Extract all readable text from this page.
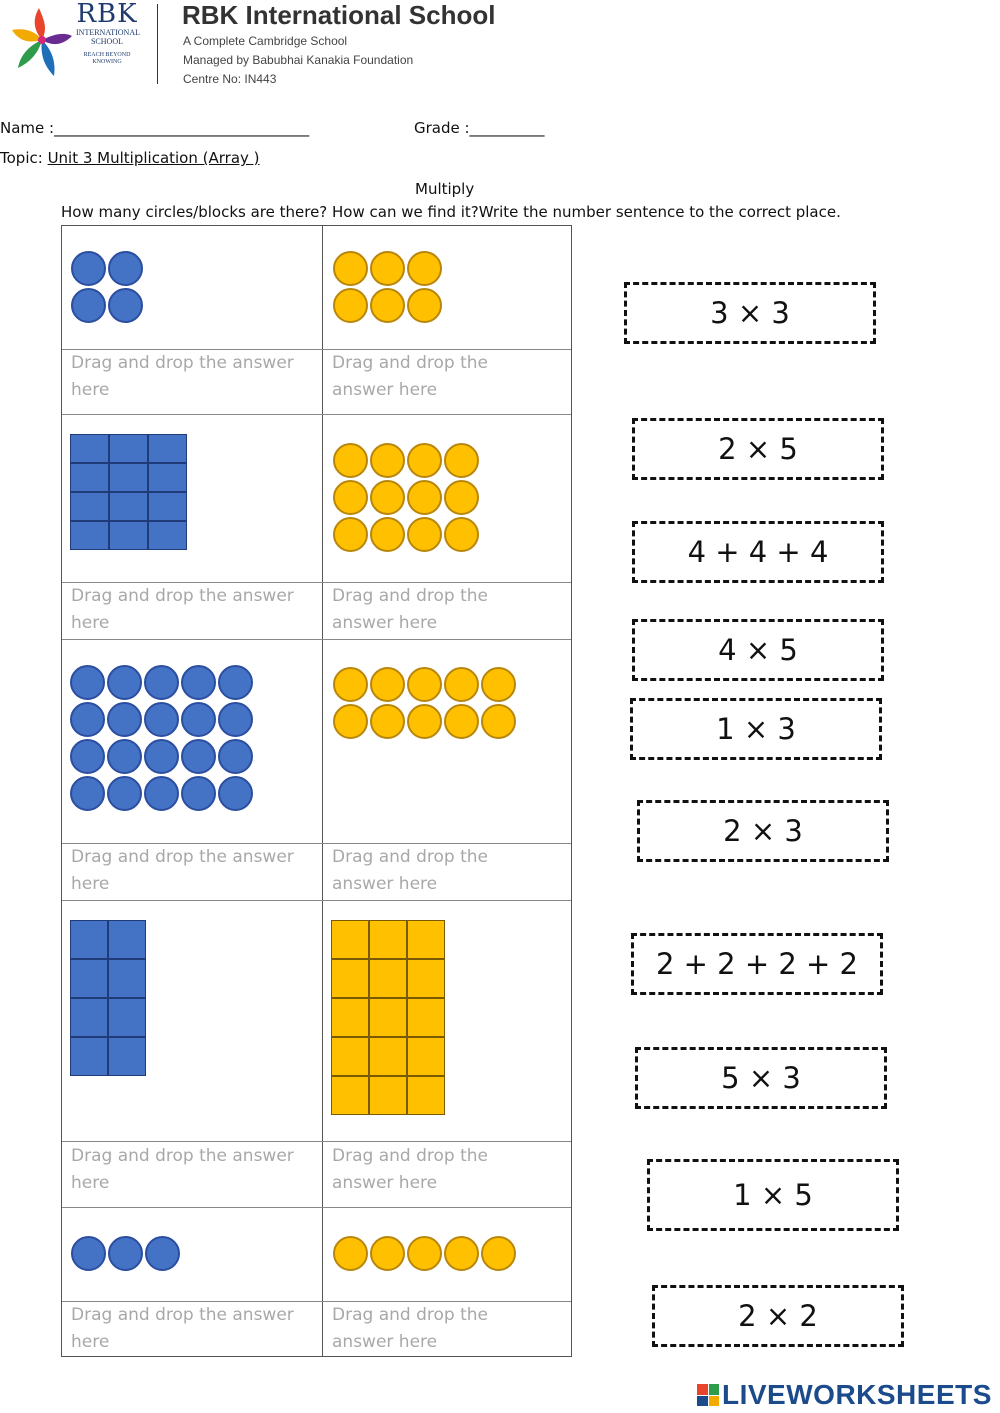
RBK
INTERNATIONAL
SCHOOL
REACH BEYOND
KNOWING
RBK International School
A Complete Cambridge School
Managed by Babubhai Kanakia Foundation
Centre No: IN443
Name :__________________________________	Grade :__________
Topic: Unit 3 Multiplication (Array )
Multiply
How many circles/blocks are there? How can we find it?Write the number sentence to the correct place.
Drag and drop the answer here
Drag and drop the answer here
Drag and drop the answer here
Drag and drop the answer here
Drag and drop the answer here
Drag and drop the answer here
Drag and drop the answer here
Drag and drop the answer here
Drag and drop the answer here
Drag and drop the answer here
3 × 3
2 × 5
4 + 4 + 4
4 × 5
1 × 3
2 × 3
2 + 2 + 2 + 2
5 × 3
1 × 5
2 × 2
LIVEWORKSHEETS
